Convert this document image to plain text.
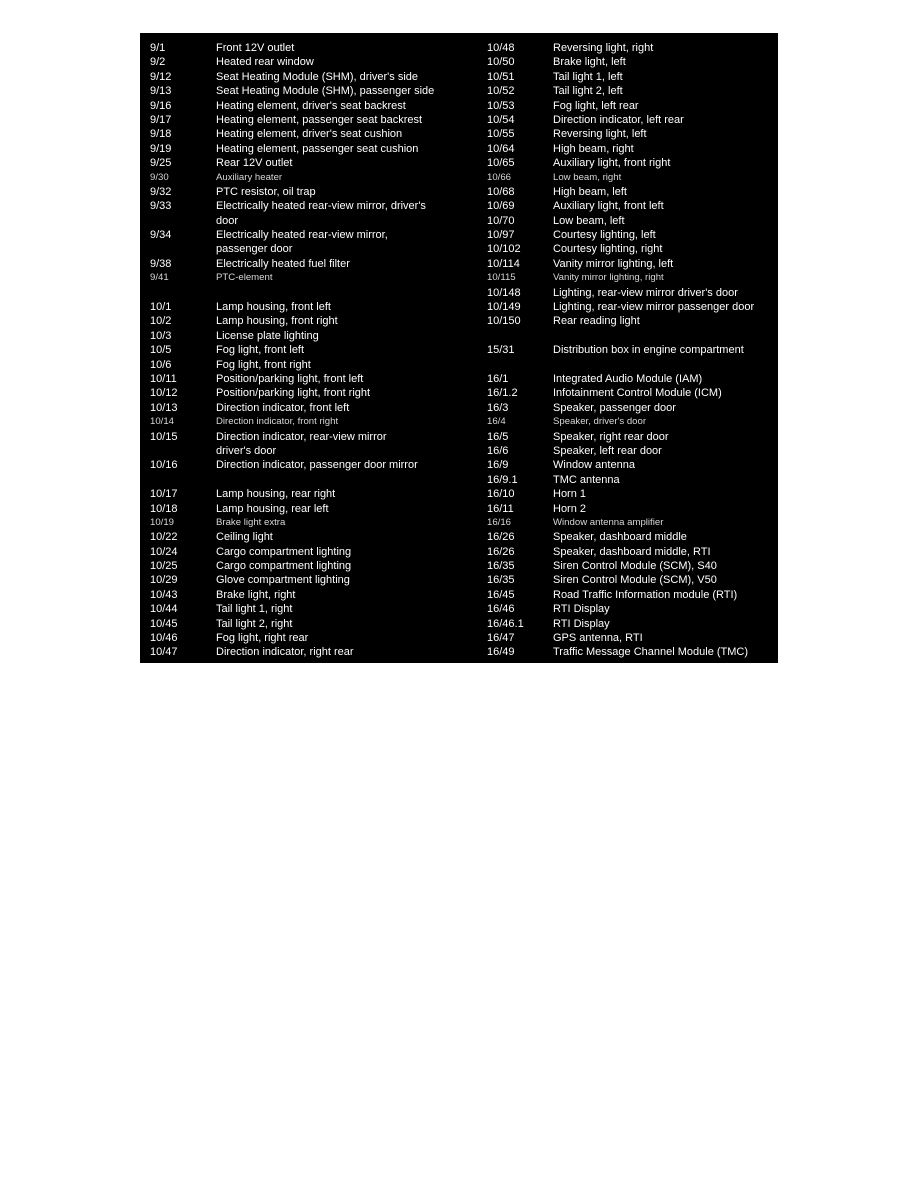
9/1	Front 12V outlet
9/2	Heated rear window
9/12	Seat Heating Module (SHM), driver's side
9/13	Seat Heating Module (SHM), passenger side
9/16	Heating element, driver's seat backrest
9/17	Heating element, passenger seat backrest
9/18	Heating element, driver's seat cushion
9/19	Heating element, passenger seat cushion
9/25	Rear 12V outlet
9/30	Auxiliary heater
9/32	PTC resistor, oil trap
9/33	Electrically heated rear-view mirror, driver's
door
9/34	Electrically heated rear-view mirror,
passenger door
9/38	Electrically heated fuel filter
9/41	PTC-element
10/1	Lamp housing, front left
10/2	Lamp housing, front right
10/3	License plate lighting
10/5	Fog light, front left
10/6	Fog light, front right
10/11	Position/parking light, front left
10/12	Position/parking light, front right
10/13	Direction indicator, front left
10/14	Direction indicator, front right
10/15	Direction indicator, rear-view mirror
driver's door
10/16	Direction indicator, passenger door mirror
10/17	Lamp housing, rear right
10/18	Lamp housing, rear left
10/19	Brake light extra
10/22	Ceiling light
10/24	Cargo compartment lighting
10/25	Cargo compartment lighting
10/29	Glove compartment lighting
10/43	Brake light, right
10/44	Tail light 1, right
10/45	Tail light 2, right
10/46	Fog light, right rear
10/47	Direction indicator, right rear
10/48	Reversing light, right
10/50	Brake light, left
10/51	Tail light 1, left
10/52	Tail light 2, left
10/53	Fog light, left rear
10/54	Direction indicator, left rear
10/55	Reversing light, left
10/64	High beam, right
10/65	Auxiliary light, front right
10/66	Low beam, right
10/68	High beam, left
10/69	Auxiliary light, front left
10/70	Low beam, left
10/97	Courtesy lighting, left
10/102	Courtesy lighting, right
10/114	Vanity mirror lighting, left
10/115	Vanity mirror lighting, right
10/148	Lighting, rear-view mirror driver's door
10/149	Lighting, rear-view mirror passenger door
10/150	Rear reading light
15/31	Distribution box in engine compartment
16/1	Integrated Audio Module (IAM)
16/1.2	Infotainment Control Module (ICM)
16/3	Speaker, passenger door
16/4	Speaker, driver's door
16/5	Speaker, right rear door
16/6	Speaker, left rear door
16/9	Window antenna
16/9.1	TMC antenna
16/10	Horn 1
16/11	Horn 2
16/16	Window antenna amplifier
16/26	Speaker, dashboard middle
16/26	Speaker, dashboard middle, RTI
16/35	Siren Control Module (SCM), S40
16/35	Siren Control Module (SCM), V50
16/45	Road Traffic Information module (RTI)
16/46	RTI Display
16/46.1	RTI Display
16/47	GPS antenna, RTI
16/49	Traffic Message Channel Module (TMC)
